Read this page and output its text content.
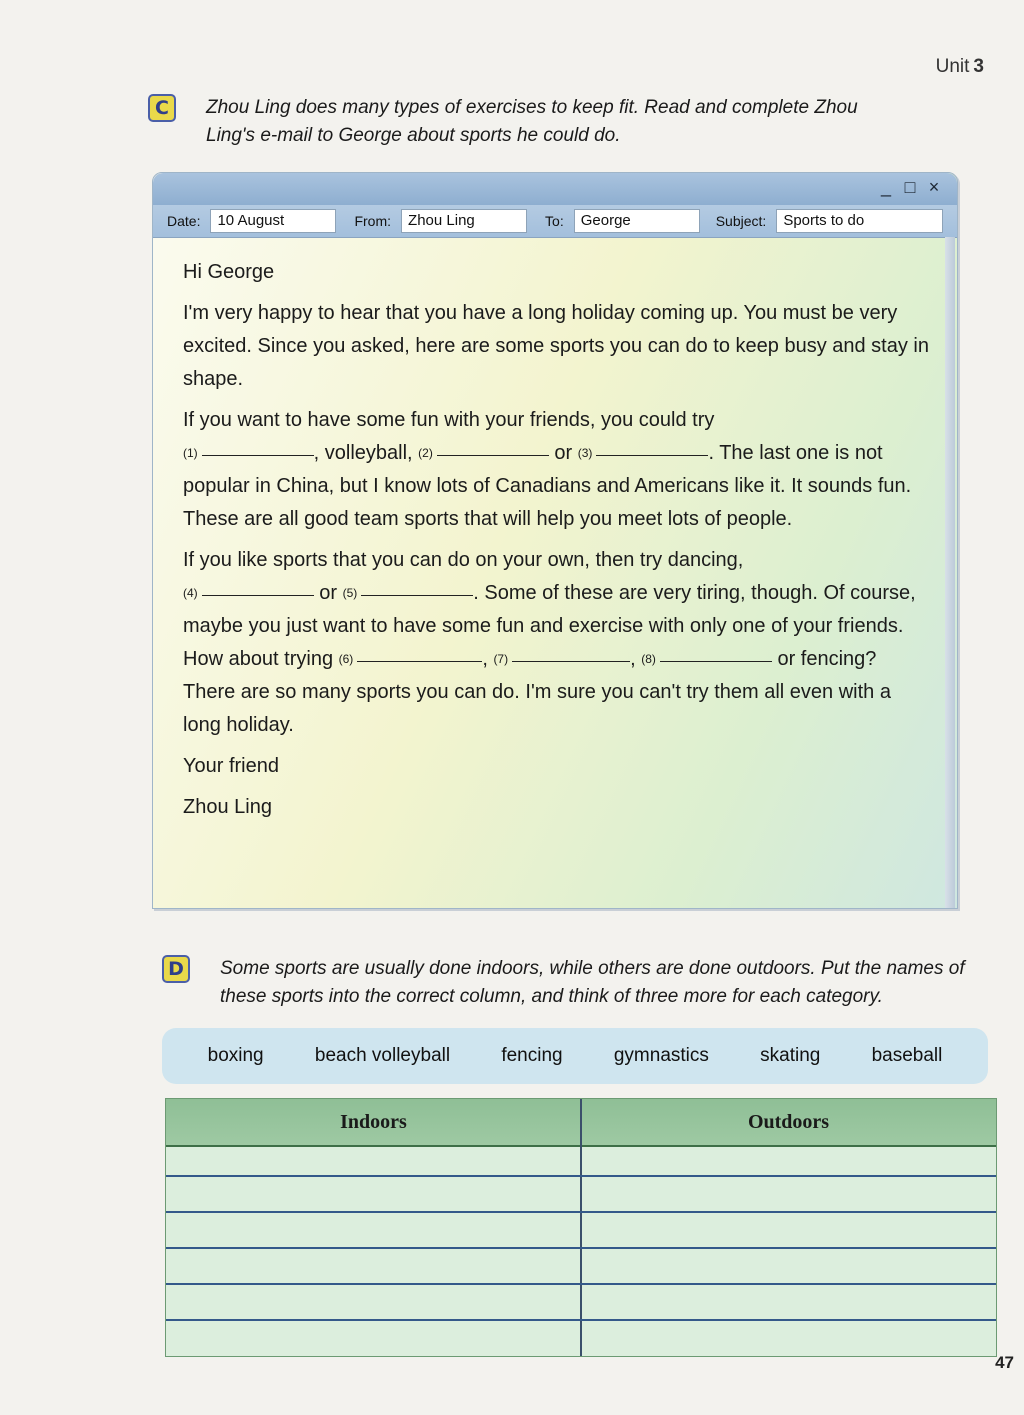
Unit 3
C	Zhou Ling does many types of exercises to keep fit. Read and complete Zhou Ling's e-mail to George about sports he could do.
_ □ ×
Date:	10 August	From:	Zhou Ling	To:	George	Subject:	Sports to do

Hi George

I'm very happy to hear that you have a long holiday coming up. You must be very excited. Since you asked, here are some sports you can do to keep busy and stay in shape.

If you want to have some fun with your friends, you could try
(1)	, volleyball, (2)	or (3)	. The last one is not popular in China, but I know lots of Canadians and Americans like it. It sounds fun. These are all good team sports that will help you meet lots of people.

If you like sports that you can do on your own, then try dancing,
(4)	or (5)	. Some of these are very tiring, though. Of course, maybe you just want to have some fun and exercise with only one of your friends. How about trying (6)	, (7)	, (8)	or fencing? There are so many sports you can do. I'm sure you can't try them all even with a long holiday.

Your friend

Zhou Ling

D	Some sports are usually done indoors, while others are done outdoors. Put the names of these sports into the correct column, and think of three more for each category.
boxing	beach volleyball	fencing	gymnastics	skating	baseball
Indoors	Outdoors
47
